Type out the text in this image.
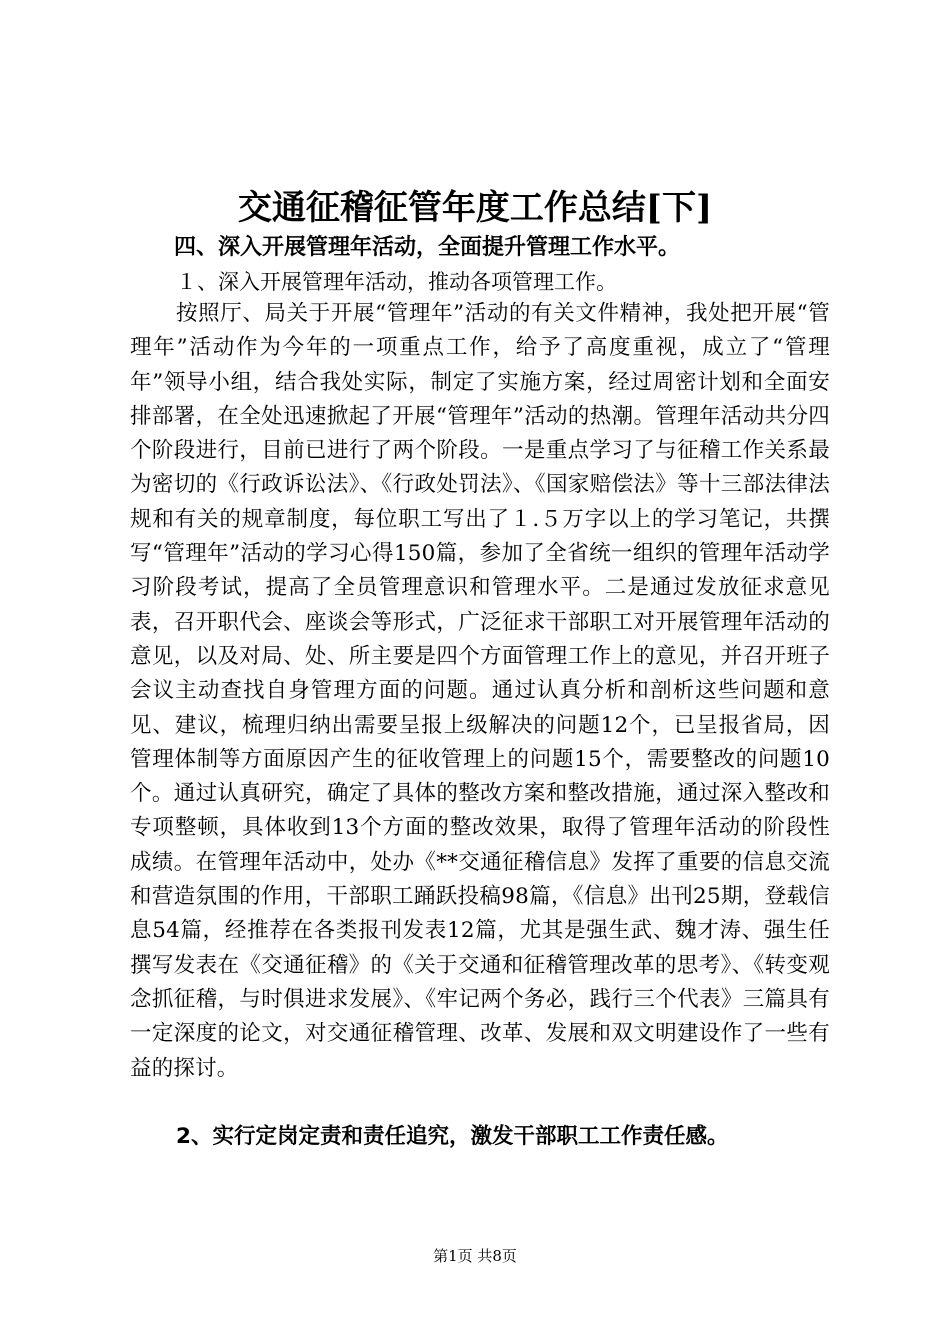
交通征稽征管年度工作总结[下]

四、深入开展管理年活动，全面提升管理工作水平。

１、深入开展管理年活动，推动各项管理工作。

按照厅、局关于开展“管理年”活动的有关文件精神，我处把开展“管理年”活动作为今年的一项重点工作，给予了高度重视，成立了“管理年”领导小组，结合我处实际，制定了实施方案，经过周密计划和全面安排部署，在全处迅速掀起了开展“管理年”活动的热潮。管理年活动共分四个阶段进行，目前已进行了两个阶段。一是重点学习了与征稽工作关系最为密切的《行政诉讼法》、《行政处罚法》、《国家赔偿法》等十三部法律法规和有关的规章制度，每位职工写出了１.５万字以上的学习笔记，共撰写“管理年”活动的学习心得150篇，参加了全省统一组织的管理年活动学习阶段考试，提高了全员管理意识和管理水平。二是通过发放征求意见表，召开职代会、座谈会等形式，广泛征求干部职工对开展管理年活动的意见，以及对局、处、所主要是四个方面管理工作上的意见，并召开班子会议主动查找自身管理方面的问题。通过认真分析和剖析这些问题和意见、建议，梳理归纳出需要呈报上级解决的问题12个，已呈报省局，因管理体制等方面原因产生的征收管理上的问题15个，需要整改的问题10个。通过认真研究，确定了具体的整改方案和整改措施，通过深入整改和专项整顿，具体收到13个方面的整改效果，取得了管理年活动的阶段性成绩。在管理年活动中，处办《**交通征稽信息》发挥了重要的信息交流和营造氛围的作用，干部职工踊跃投稿98篇，《信息》出刊25期，登载信息54篇，经推荐在各类报刊发表12篇，尤其是强生武、魏才涛、强生任撰写发表在《交通征稽》的《关于交通和征稽管理改革的思考》、《转变观念抓征稽，与时俱进求发展》、《牢记两个务必，践行三个代表》三篇具有一定深度的论文，对交通征稽管理、改革、发展和双文明建设作了一些有益的探讨。

2、实行定岗定责和责任追究，激发干部职工工作责任感。

第1页 共8页
